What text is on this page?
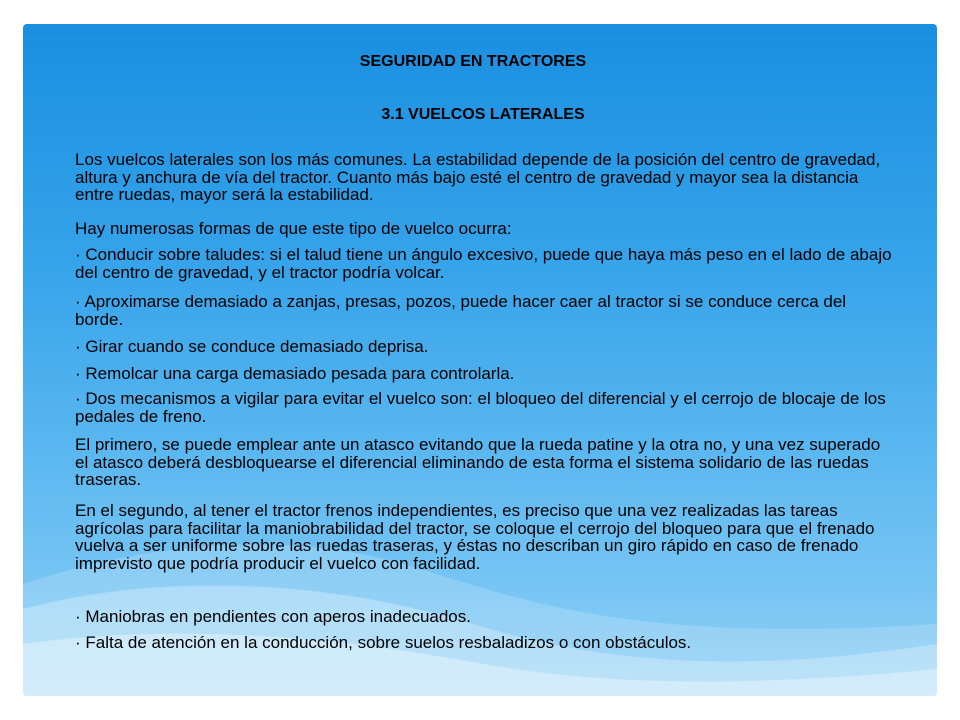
SEGURIDAD EN TRACTORES
3.1 VUELCOS LATERALES

Los vuelcos laterales son los más comunes. La estabilidad depende de la posición del centro de gravedad, altura y anchura de vía del tractor. Cuanto más bajo esté el centro de gravedad y mayor sea la distancia entre ruedas, mayor será la estabilidad.

Hay numerosas formas de que este tipo de vuelco ocurra:

· Conducir sobre taludes: si el talud tiene un ángulo excesivo, puede que haya más peso en el lado de abajo del centro de gravedad, y el tractor podría volcar.

· Aproximarse demasiado a zanjas, presas, pozos, puede hacer caer al tractor si se conduce cerca del borde.

· Girar cuando se conduce demasiado deprisa.

· Remolcar una carga demasiado pesada para controlarla.

· Dos mecanismos a vigilar para evitar el vuelco son: el bloqueo del diferencial y el cerrojo de blocaje de los pedales de freno.

El primero, se puede emplear ante un atasco evitando que la rueda patine y la otra no, y una vez superado el atasco deberá desbloquearse el diferencial eliminando de esta forma el sistema solidario de las ruedas traseras.

En el segundo, al tener el tractor frenos independientes, es preciso que una vez realizadas las tareas agrícolas para facilitar la maniobrabilidad del tractor, se coloque el cerrojo del bloqueo para que el frenado vuelva a ser uniforme sobre las ruedas traseras, y éstas no describan un giro rápido en caso de frenado imprevisto que podría producir el vuelco con facilidad.

· Maniobras en pendientes con aperos inadecuados.

· Falta de atención en la conducción, sobre suelos resbaladizos o con obstáculos.
